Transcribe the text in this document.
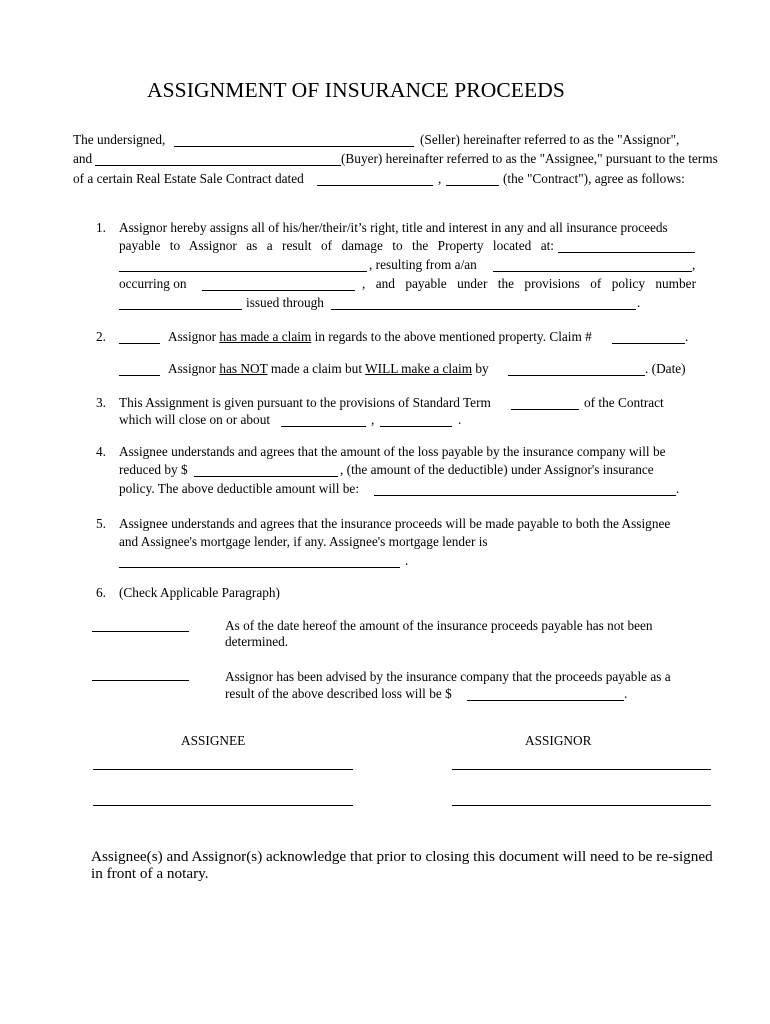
ASSIGNMENT OF INSURANCE PROCEEDS
The undersigned,	(Seller) hereinafter referred to as the "Assignor",
and	(Buyer) hereinafter referred to as the "Assignee," pursuant to the terms
of a certain Real Estate Sale Contract dated	,	(the "Contract"), agree as follows:
1. Assignor hereby assigns all of his/her/their/it’s right, title and interest in any and all insurance proceeds
payable to Assignor as a result of damage to the Property located at:
, resulting from a/an	,
occurring on	, and payable under the provisions of policy number
issued through	.
2.	Assignor has made a claim in regards to the above mentioned property. Claim #	.
Assignor has NOT made a claim but WILL make a claim by	. (Date)
3. This Assignment is given pursuant to the provisions of Standard Term	of the Contract
which will close on or about	,	.
4. Assignee understands and agrees that the amount of the loss payable by the insurance company will be
reduced by $	, (the amount of the deductible) under Assignor's insurance
policy. The above deductible amount will be:	.
5. Assignee understands and agrees that the insurance proceeds will be made payable to both the Assignee
and Assignee's mortgage lender, if any. Assignee's mortgage lender is
.
6. (Check Applicable Paragraph)
As of the date hereof the amount of the insurance proceeds payable has not been
determined.
Assignor has been advised by the insurance company that the proceeds payable as a
result of the above described loss will be $	.
ASSIGNEE	ASSIGNOR
Assignee(s) and Assignor(s) acknowledge that prior to closing this document will need to be re-signed
in front of a notary.
